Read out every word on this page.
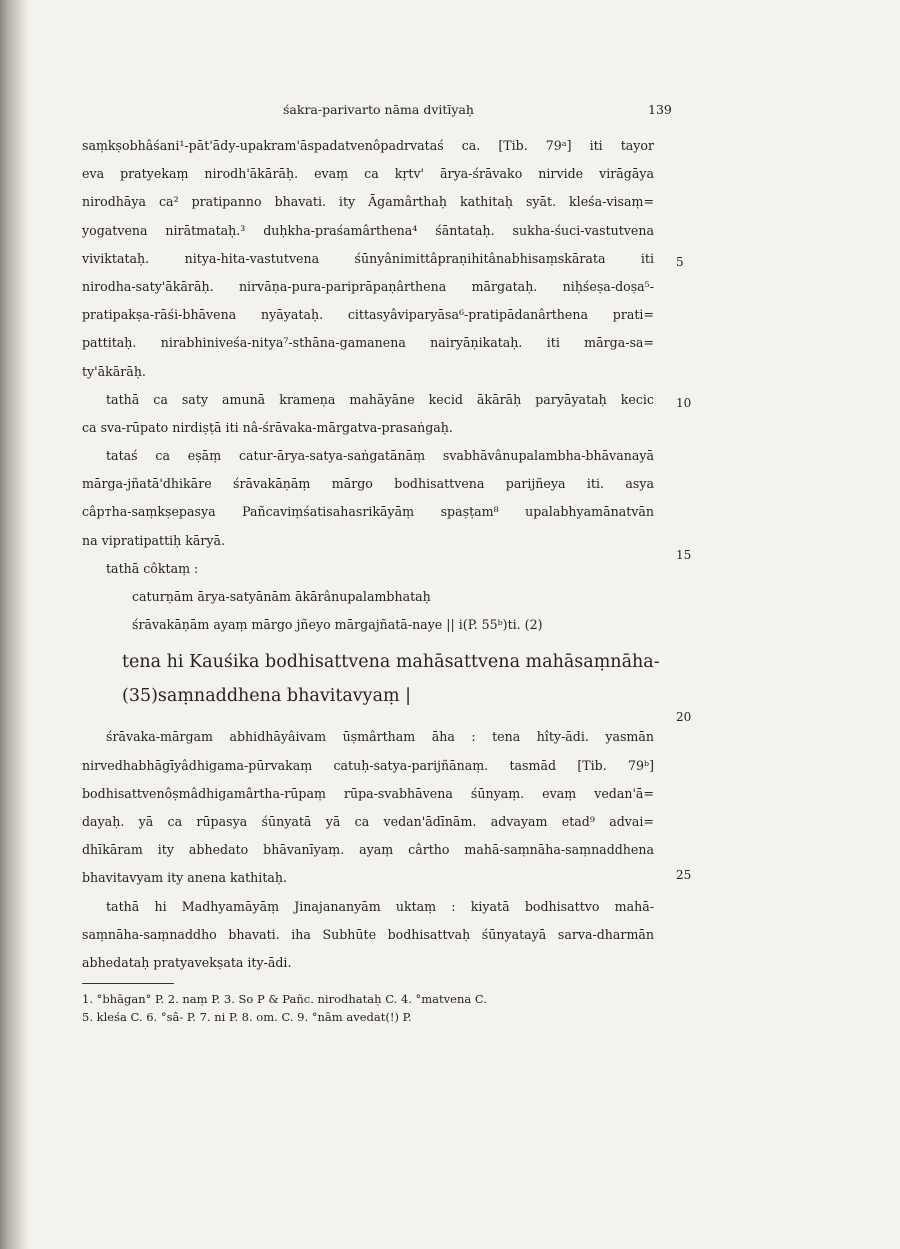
śakra-parivarto nāma dvitīyaḥ	139
saṃkṣobhâśani¹-pāt'ādy-upakram'āspadatvenôpadrvataś ca. [Tib. 79ᵃ] iti tayor
eva pratyekaṃ nirodh'ākārāḥ. evaṃ ca kṛtv' ārya-śrāvako nirvide virāgāya
nirodhāya ca² pratipanno bhavati. ity Āgamârthaḥ kathitaḥ syāt. kleśa-visaṃ=
yogatvena nirātmataḥ.³ duḥkha-praśamârthena⁴ śāntataḥ. sukha-śuci-vastutvena
viviktataḥ. nitya-hita-vastutvena śūnyânimittâpraṇihitânabhisaṃskārata iti
nirodha-saty'ākārāḥ. nirvāṇa-pura-pariprāpaṇârthena mārgataḥ. niḥśeṣa-doṣa⁵-
pratipakṣa-rāśi-bhāvena nyāyataḥ. cittasyâviparyāsa⁶-pratipādanârthena prati=
pattitaḥ. nirabhiniveśa-nitya⁷-sthāna-gamanena nairyāṇikataḥ. iti mārga-sa=
ty'ākārāḥ.
tathā ca saty amunā krameṇa mahāyāne kecid ākārāḥ paryāyataḥ kecic
ca sva-rūpato nirdiṣṭā iti nâ-śrāvaka-mārgatva-prasaṅgaḥ.
tataś ca eṣāṃ catur-ārya-satya-saṅgatānāṃ svabhāvânupalambha-bhāvanayā
mārga-jñatā'dhikāre śrāvakāṇāṃ mārgo bodhisattvena parijñeya iti. asya
câртha-saṃkṣepasya Pañcaviṃśatisahasrikāyāṃ spaṣṭam⁸ upalabhyamānatvān
na vipratipattiḥ kāryā.
tathā côktaṃ :
caturṇām ārya-satyānām ākārânupalambhataḥ
śrāvakāṇām ayaṃ mārgo jñeyo mārgajñatā-naye || i(P. 55ᵇ)ti. (2)
tena hi Kauśika bodhisattvena mahāsattvena mahāsaṃnāha-
(35)saṃnaddhena bhavitavyaṃ |
śrāvaka-mārgam abhidhāyâivam ūṣmârtham āha : tena hîty-ādi. yasmān
nirvedhabhāgīyâdhigama-pūrvakaṃ catuḥ-satya-parijñānaṃ. tasmād [Tib. 79ᵇ]
bodhisattvenôṣmâdhigamârtha-rūpaṃ rūpa-svabhāvena śūnyaṃ. evaṃ vedan'ā=
dayaḥ. yā ca rūpasya śūnyatā yā ca vedan'ādīnām. advayam etad⁹ advai=
dhīkāram ity abhedato bhāvanīyaṃ. ayaṃ cârtho mahā-saṃnāha-saṃnaddhena
bhavitavyam ity anena kathitaḥ.
tathā hi Madhyamāyāṃ Jinajananyām uktaṃ : kiyatā bodhisattvo mahā-
saṃnāha-saṃnaddho bhavati. iha Subhūte bodhisattvaḥ śūnyatayā sarva-dharmān
abhedataḥ pratyavekṣata ity-ādi.
1. °bhāgan° P. 2. naṃ P. 3. So P & Pañc. nirodhataḥ C. 4. °matvena C.
5. kleśa C. 6. °sâ- P. 7. ni P. 8. om. C. 9. °nām avedat(!) P.
5
10
15
20
25
